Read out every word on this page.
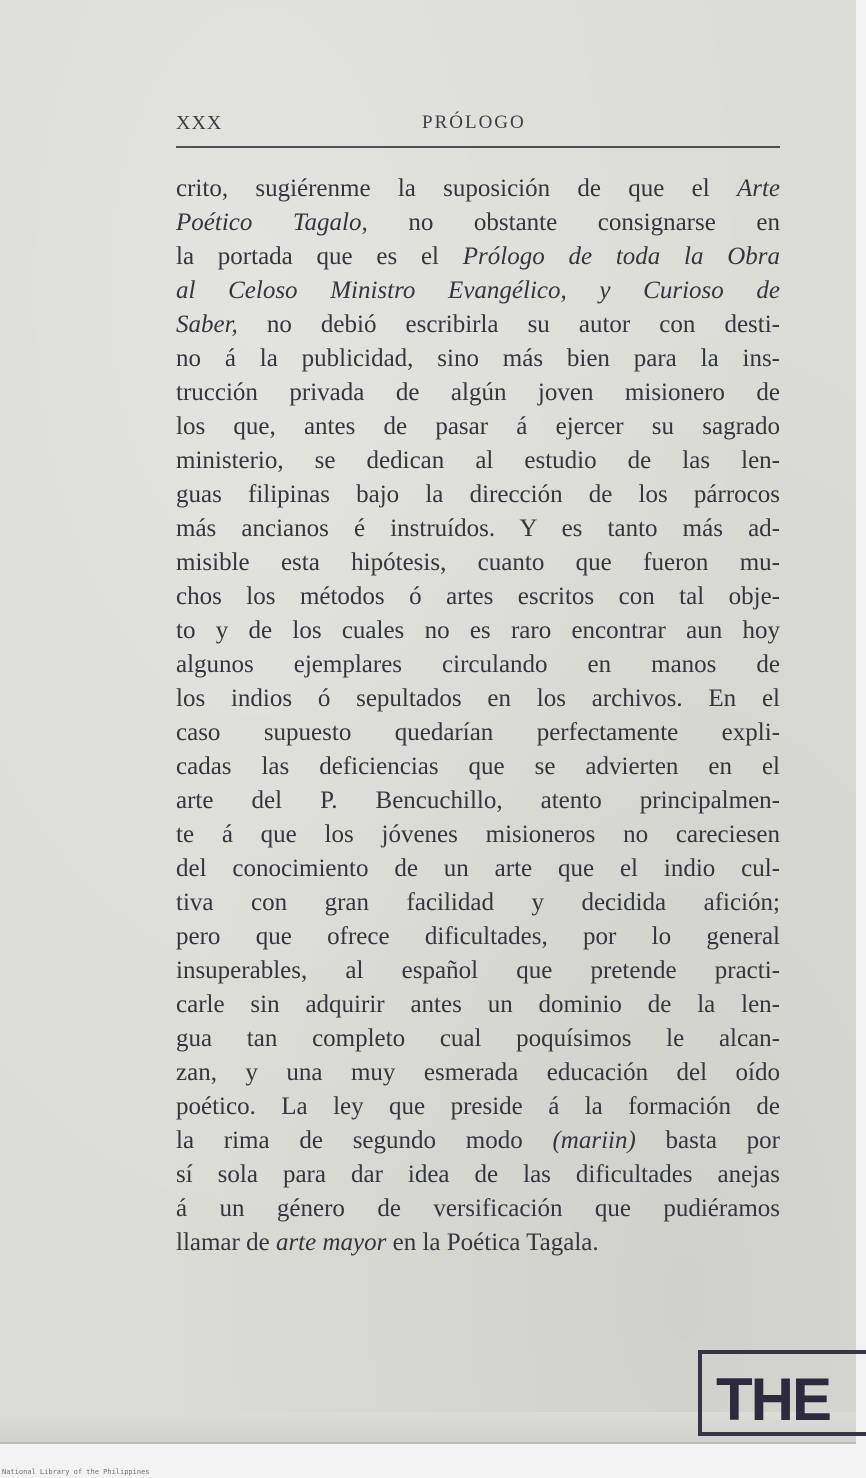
XXX	PRÓLOGO
crito, sugiérenme la suposición de que el Arte
Poético Tagalo, no obstante consignarse en
la portada que es el Prólogo de toda la Obra
al Celoso Ministro Evangélico, y Curioso de
Saber, no debió escribirla su autor con desti-
no á la publicidad, sino más bien para la ins-
trucción privada de algún joven misionero de
los que, antes de pasar á ejercer su sagrado
ministerio, se dedican al estudio de las len-
guas filipinas bajo la dirección de los párrocos
más ancianos é instruídos. Y es tanto más ad-
misible esta hipótesis, cuanto que fueron mu-
chos los métodos ó artes escritos con tal obje-
to y de los cuales no es raro encontrar aun hoy
algunos ejemplares circulando en manos de
los indios ó sepultados en los archivos. En el
caso supuesto quedarían perfectamente expli-
cadas las deficiencias que se advierten en el
arte del P. Bencuchillo, atento principalmen-
te á que los jóvenes misioneros no careciesen
del conocimiento de un arte que el indio cul-
tiva con gran facilidad y decidida afición;
pero que ofrece dificultades, por lo general
insuperables, al español que pretende practi-
carle sin adquirir antes un dominio de la len-
gua tan completo cual poquísimos le alcan-
zan, y una muy esmerada educación del oído
poético. La ley que preside á la formación de
la rima de segundo modo (mariin) basta por
sí sola para dar idea de las dificultades anejas
á un género de versificación que pudiéramos
llamar de arte mayor en la Poética Tagala.
THE
National Library of the Philippines
